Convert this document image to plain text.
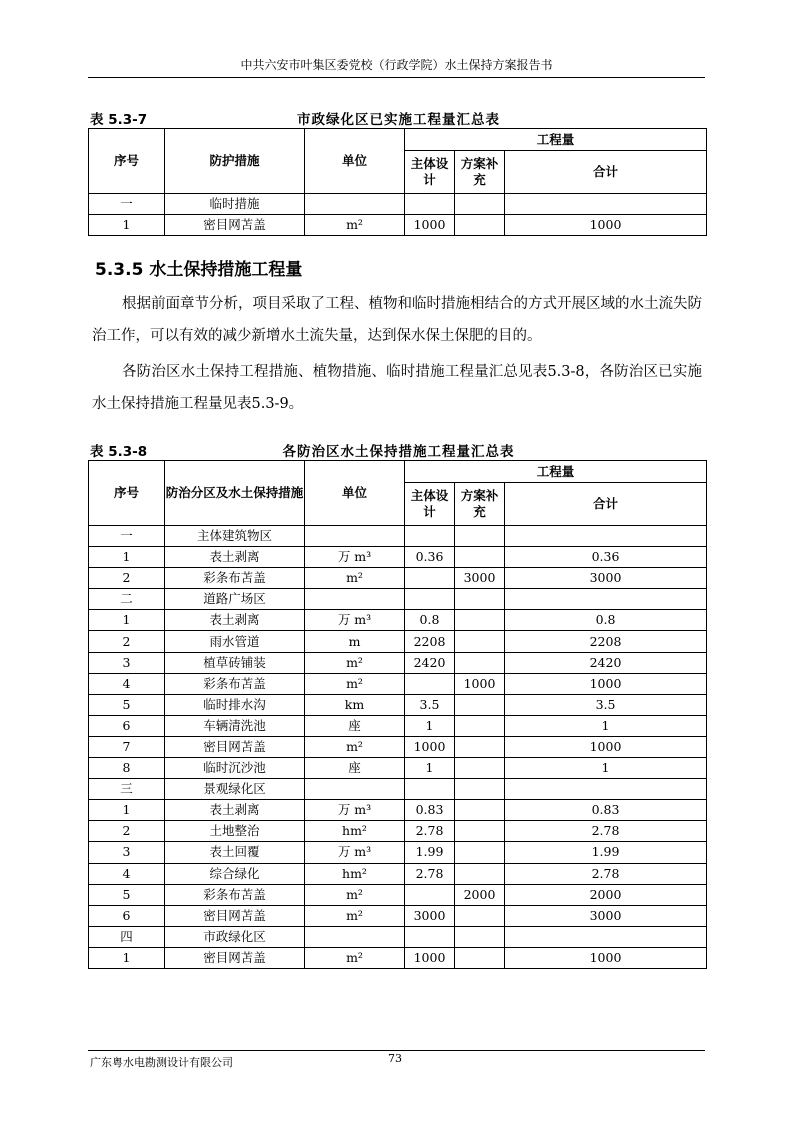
中共六安市叶集区委党校（行政学院）水土保持方案报告书
表 5.3-7	市政绿化区已实施工程量汇总表
序号	防护措施	单位	工程量		
			主体设计	方案补充	合计
一	临时措施				
1	密目网苫盖	m²	1000		1000
5.3.5 水土保持措施工程量
根据前面章节分析，项目采取了工程、植物和临时措施相结合的方式开展区域的水土流失防治工作，可以有效的减少新增水土流失量，达到保水保土保肥的目的。
各防治区水土保持工程措施、植物措施、临时措施工程量汇总见表5.3-8，各防治区已实施水土保持措施工程量见表5.3-9。
表 5.3-8	各防治区水土保持措施工程量汇总表
序号	防治分区及水土保持措施	单位	工程量		
			主体设计	方案补充	合计
一	主体建筑物区				
1	表土剥离	万 m³	0.36		0.36
2	彩条布苫盖	m²		3000	3000
二	道路广场区				
1	表土剥离	万 m³	0.8		0.8
2	雨水管道	m	2208		2208
3	植草砖铺装	m²	2420		2420
4	彩条布苫盖	m²		1000	1000
5	临时排水沟	km	3.5		3.5
6	车辆清洗池	座	1		1
7	密目网苫盖	m²	1000		1000
8	临时沉沙池	座	1		1
三	景观绿化区				
1	表土剥离	万 m³	0.83		0.83
2	土地整治	hm²	2.78		2.78
3	表土回覆	万 m³	1.99		1.99
4	综合绿化	hm²	2.78		2.78
5	彩条布苫盖	m²		2000	2000
6	密目网苫盖	m²	3000		3000
四	市政绿化区				
1	密目网苫盖	m²	1000		1000
广东粤水电勘测设计有限公司	73
